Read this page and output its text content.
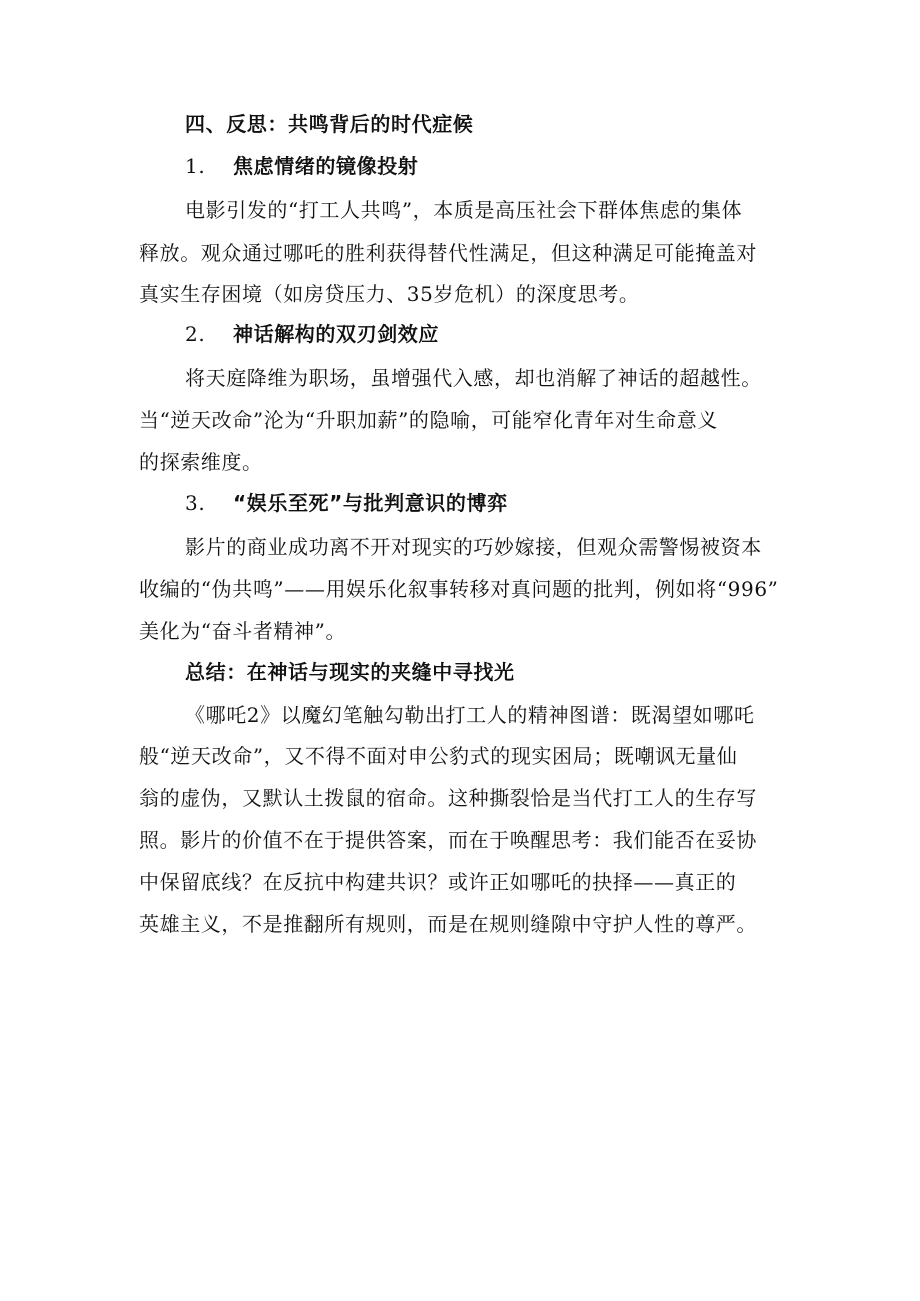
四、反思：共鸣背后的时代症候
1. 焦虑情绪的镜像投射
电影引发的“打工人共鸣”，本质是高压社会下群体焦虑的集体
释放。观众通过哪吒的胜利获得替代性满足，但这种满足可能掩盖对
真实生存困境（如房贷压力、35岁危机）的深度思考。
2. 神话解构的双刃剑效应
将天庭降维为职场，虽增强代入感，却也消解了神话的超越性。
当“逆天改命”沦为“升职加薪”的隐喻，可能窄化青年对生命意义
的探索维度。
3. “娱乐至死”与批判意识的博弈
影片的商业成功离不开对现实的巧妙嫁接，但观众需警惕被资本
收编的“伪共鸣”——用娱乐化叙事转移对真问题的批判，例如将“996”
美化为“奋斗者精神”。
总结：在神话与现实的夹缝中寻找光
《哪吒2》以魔幻笔触勾勒出打工人的精神图谱：既渴望如哪吒
般“逆天改命”，又不得不面对申公豹式的现实困局；既嘲讽无量仙
翁的虚伪，又默认土拨鼠的宿命。这种撕裂恰是当代打工人的生存写
照。影片的价值不在于提供答案，而在于唤醒思考：我们能否在妥协
中保留底线？在反抗中构建共识？或许正如哪吒的抉择——真正的
英雄主义，不是推翻所有规则，而是在规则缝隙中守护人性的尊严。
